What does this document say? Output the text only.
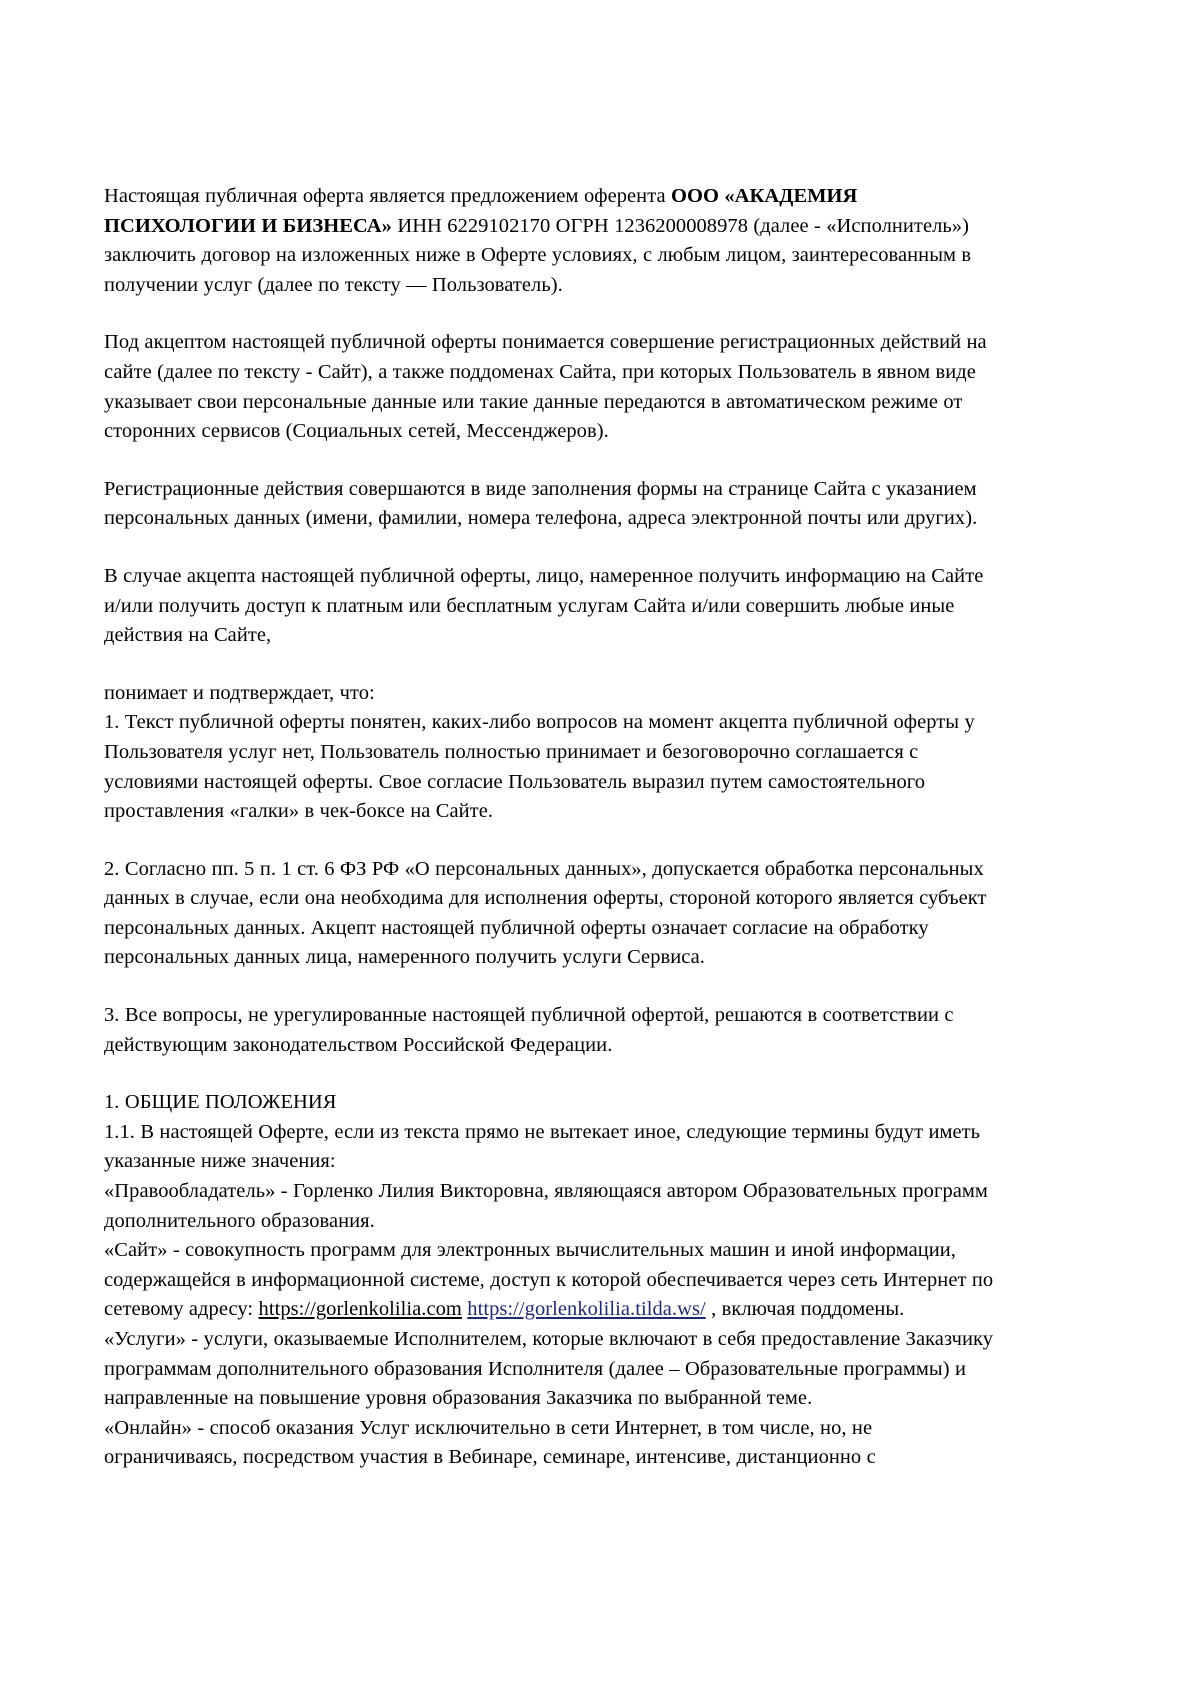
Настоящая публичная оферта является предложением оферента ООО «АКАДЕМИЯ ПСИХОЛОГИИ И БИЗНЕСА» ИНН 6229102170 ОГРН 1236200008978 (далее - «Исполнитель») заключить договор на изложенных ниже в Оферте условиях, с любым лицом, заинтересованным в получении услуг (далее по тексту — Пользователь).

Под акцептом настоящей публичной оферты понимается совершение регистрационных действий на сайте (далее по тексту - Сайт), а также поддоменах Сайта, при которых Пользователь в явном виде указывает свои персональные данные или такие данные передаются в автоматическом режиме от сторонних сервисов (Социальных сетей, Мессенджеров).

Регистрационные действия совершаются в виде заполнения формы на странице Сайта с указанием персональных данных (имени, фамилии, номера телефона, адреса электронной почты или других).

В случае акцепта настоящей публичной оферты, лицо, намеренное получить информацию на Сайте и/или получить доступ к платным или бесплатным услугам Сайта и/или совершить любые иные действия на Сайте,

понимает и подтверждает, что:

1. Текст публичной оферты понятен, каких-либо вопросов на момент акцепта публичной оферты у Пользователя услуг нет, Пользователь полностью принимает и безоговорочно соглашается с условиями настоящей оферты. Свое согласие Пользователь выразил путем самостоятельного проставления «галки» в чек-боксе на Сайте.

2. Согласно пп. 5 п. 1 ст. 6 ФЗ РФ «О персональных данных», допускается обработка персональных данных в случае, если она необходима для исполнения оферты, стороной которого является субъект персональных данных. Акцепт настоящей публичной оферты означает согласие на обработку персональных данных лица, намеренного получить услуги Сервиса.

3. Все вопросы, не урегулированные настоящей публичной офертой, решаются в соответствии с действующим законодательством Российской Федерации.

1. ОБЩИЕ ПОЛОЖЕНИЯ

1.1. В настоящей Оферте, если из текста прямо не вытекает иное, следующие термины будут иметь указанные ниже значения:

«Правообладатель» - Горленко Лилия Викторовна, являющаяся автором Образовательных программ дополнительного образования.

«Сайт» - совокупность программ для электронных вычислительных машин и иной информации, содержащейся в информационной системе, доступ к которой обеспечивается через сеть Интернет по сетевому адресу: https://gorlenkolilia.com https://gorlenkolilia.tilda.ws/ , включая поддомены.

«Услуги» - услуги, оказываемые Исполнителем, которые включают в себя предоставление Заказчику программам дополнительного образования Исполнителя (далее – Образовательные программы) и направленные на повышение уровня образования Заказчика по выбранной теме.

«Онлайн» - способ оказания Услуг исключительно в сети Интернет, в том числе, но, не ограничиваясь, посредством участия в Вебинаре, семинаре, интенсиве, дистанционно с
